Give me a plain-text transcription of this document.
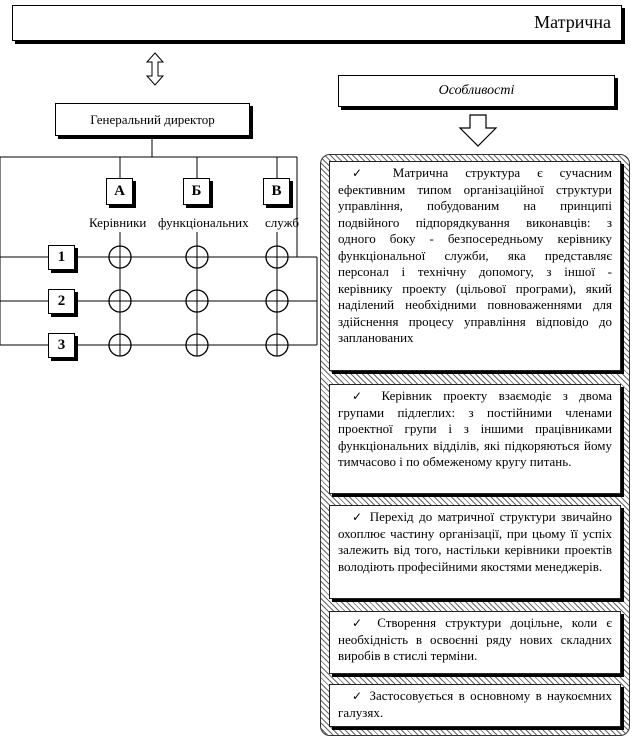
Матрична
Особливості
Генеральний директор
А	Б	В
Керівники функціональних служб
1
2
3
✓ Матрична структура є сучасним ефективним типом організаційної структури управління, побудованим на принципі подвійного підпорядкування виконавців: з одного боку - безпосередньому керівнику функціональної служби, яка представляє персонал і технічну допомогу, з іншої - керівнику проекту (цільової програми), який наділений необхідними повноваженнями для здійснення процесу управління відповідо до запланованих
✓ Керівник проекту взаємодіє з двома групами підлеглих: з постійними членами проектної групи і з іншими працівниками функціональних відділів, які підкоряються йому тимчасово і по обмеженому кругу питань.
✓ Перехід до матричної структури звичайно охоплює частину організації, при цьому її успіх залежить від того, настільки керівники проектів володіють професійними якостями менеджерів.
✓ Створення структури доцільне, коли є необхідність в освоєнні ряду нових складних виробів в стислі терміни.
✓ Застосовується в основному в наукоємних галузях.
